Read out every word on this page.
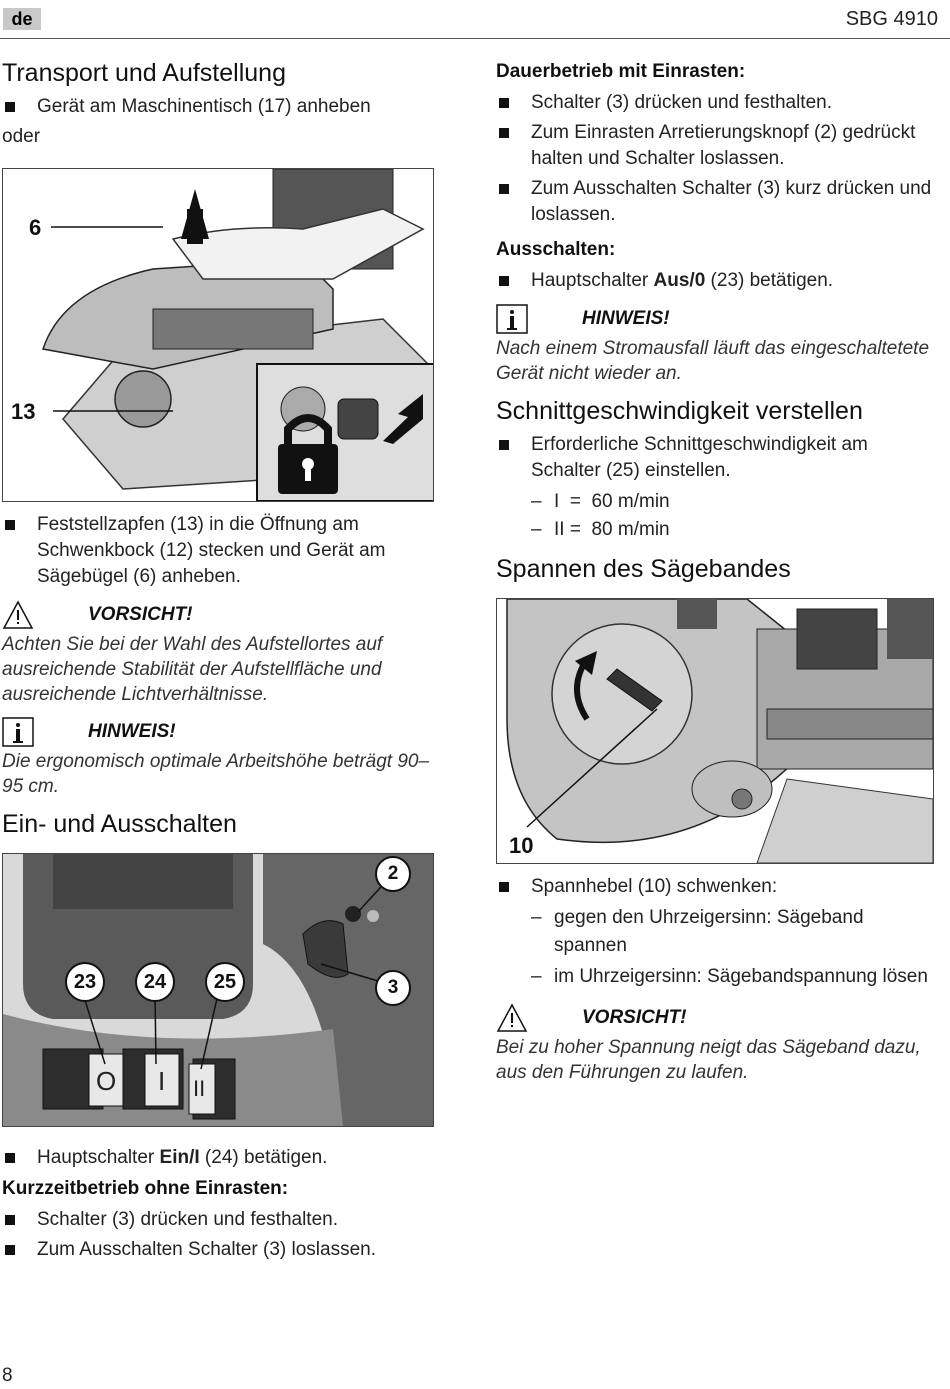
de	SBG 4910
Transport und Aufstellung
Gerät am Maschinentisch (17) anheben
oder
6
13
Feststellzapfen (13) in die Öffnung am Schwenkbock (12) stecken und Gerät am Sägebügel (6) anheben.
VORSICHT!
Achten Sie bei der Wahl des Aufstellortes auf ausreichende Stabilität der Aufstellfläche und ausreichende Lichtverhältnisse.
HINWEIS!
Die ergonomisch optimale Arbeitshöhe beträgt 90–95 cm.
Ein- und Ausschalten
O I II
2
3
23	24	25
Hauptschalter Ein/I (24) betätigen.
Kurzzeitbetrieb ohne Einrasten:
Schalter (3) drücken und festhalten.
Zum Ausschalten Schalter (3) loslassen.
Dauerbetrieb mit Einrasten:
Schalter (3) drücken und festhalten.
Zum Einrasten Arretierungsknopf (2) gedrückt halten und Schalter loslassen.
Zum Ausschalten Schalter (3) kurz drücken und loslassen.
Ausschalten:
Hauptschalter Aus/0 (23) betätigen.
HINWEIS!
Nach einem Stromausfall läuft das eingeschaltetete Gerät nicht wieder an.
Schnittgeschwindigkeit verstellen
Erforderliche Schnittgeschwindigkeit am Schalter (25) einstellen.
– I  =  60 m/min
– II =  80 m/min
Spannen des Sägebandes
10
Spannhebel (10) schwenken:
– gegen den Uhrzeigersinn: Sägeband spannen
– im Uhrzeigersinn: Sägebandspannung lösen
VORSICHT!
Bei zu hoher Spannung neigt das Sägeband dazu, aus den Führungen zu laufen.
8
